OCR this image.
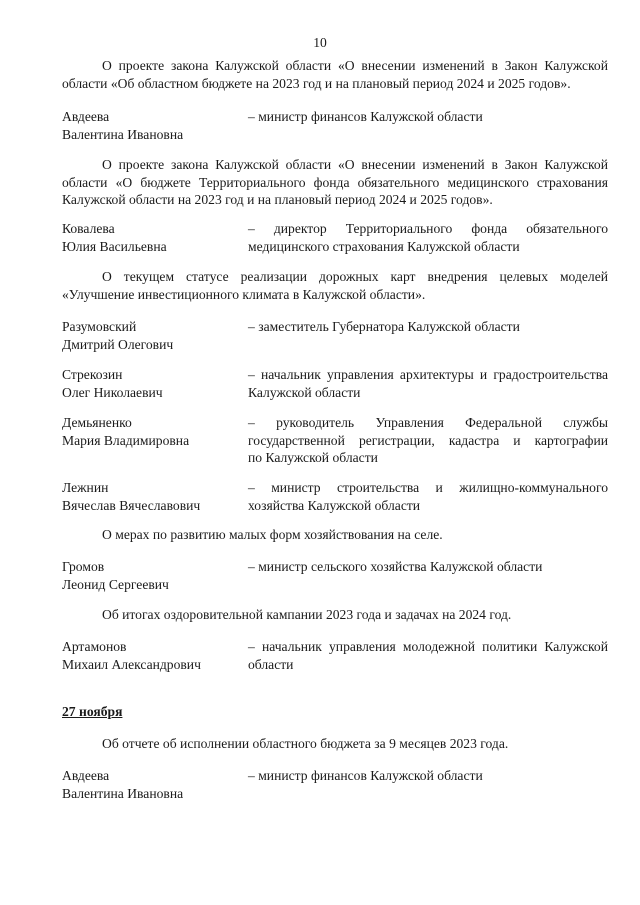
10
О проекте закона Калужской области «О внесении изменений в Закон Калужской области «Об областном бюджете на 2023 год и на плановый период 2024 и 2025 годов».
Авдеева
Валентина Ивановна
– министр финансов Калужской области
О проекте закона Калужской области «О внесении изменений в Закон Калужской области «О бюджете Территориального фонда обязательного медицинского страхования Калужской области на 2023 год и на плановый период 2024 и 2025 годов».
Ковалева
Юлия Васильевна
– директор Территориального фонда обязательного
медицинского страхования Калужской области
О текущем статусе реализации дорожных карт внедрения целевых моделей «Улучшение инвестиционного климата в Калужской области».
Разумовский
Дмитрий Олегович
– заместитель Губернатора Калужской области
Стрекозин
Олег Николаевич
– начальник управления архитектуры и градостроительства
Калужской области
Демьяненко
Мария Владимировна
– руководитель Управления Федеральной службы
государственной регистрации, кадастра и картографии
по Калужской области
Лежнин
Вячеслав Вячеславович
– министр строительства и жилищно-коммунального
хозяйства Калужской области
О мерах по развитию малых форм хозяйствования на селе.
Громов
Леонид Сергеевич
– министр сельского хозяйства Калужской области
Об итогах оздоровительной кампании 2023 года и задачах на 2024 год.
Артамонов
Михаил Александрович
– начальник управления молодежной политики Калужской
области
27 ноября
Об отчете об исполнении областного бюджета за 9 месяцев 2023 года.
Авдеева
Валентина Ивановна
– министр финансов Калужской области
